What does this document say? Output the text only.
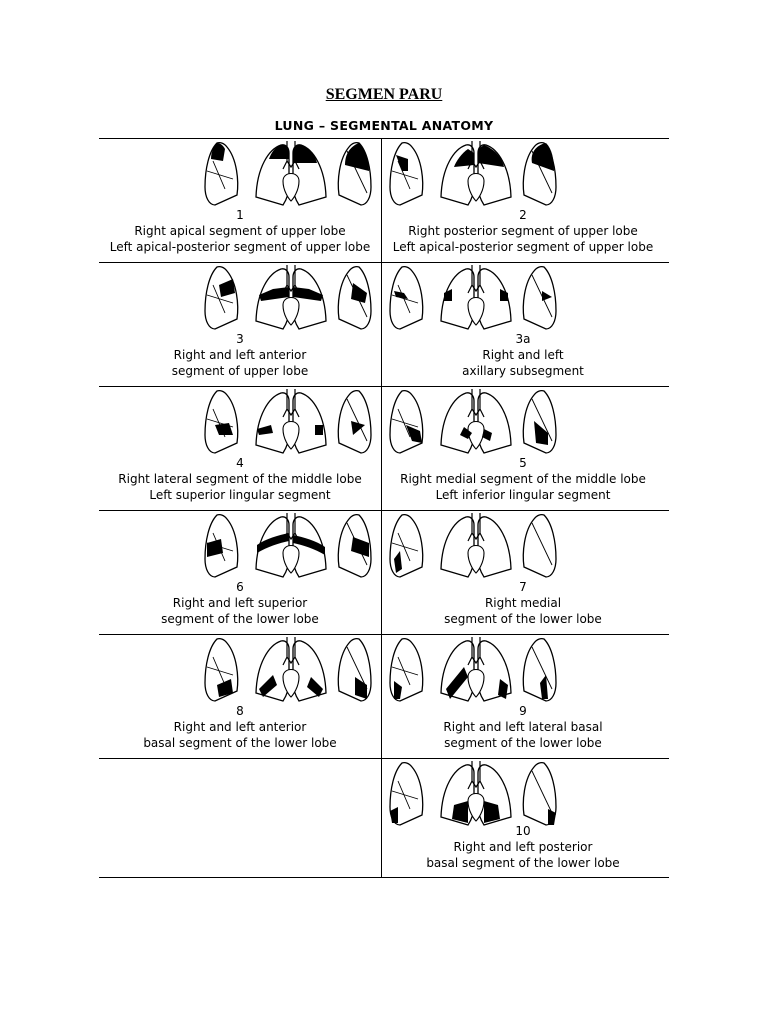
SEGMEN PARU
LUNG – SEGMENTAL ANATOMY
1
Right apical segment of upper lobe
Left apical-posterior segment of upper lobe
2
Right posterior segment of upper lobe
Left apical-posterior segment of upper lobe
3
Right and left anterior
segment of upper lobe
3a
Right and left
axillary subsegment
4
Right lateral segment of the middle lobe
Left superior lingular segment
5
Right medial segment of the middle lobe
Left inferior lingular segment
6
Right and left superior
segment of the lower lobe
7
Right medial
segment of the lower lobe
8
Right and left anterior
basal segment of the lower lobe
9
Right and left lateral basal
segment of the lower lobe
10
Right and left posterior
basal segment of the lower lobe
